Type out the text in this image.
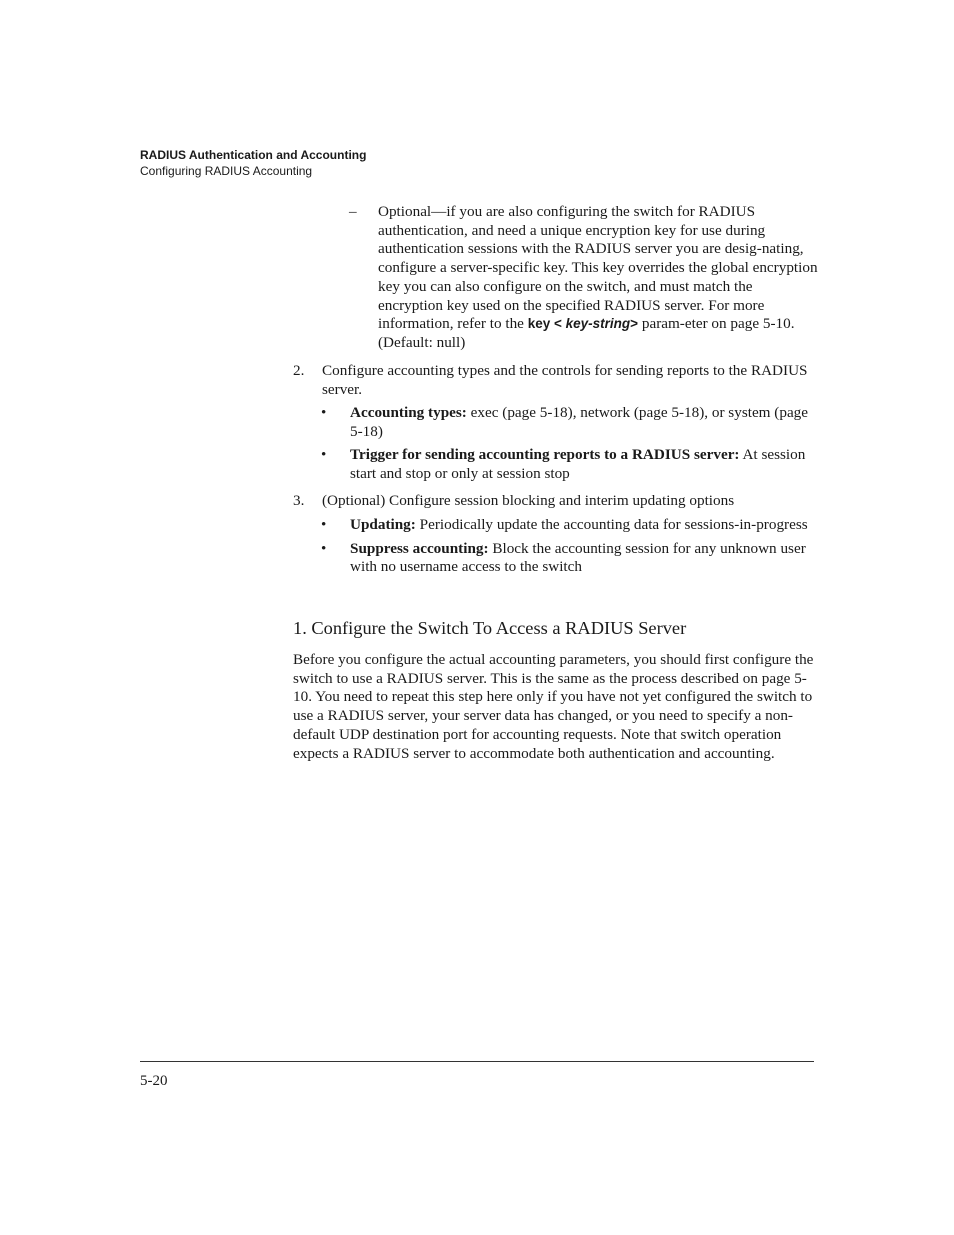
RADIUS Authentication and Accounting
Configuring RADIUS Accounting
– Optional—if you are also configuring the switch for RADIUS authentication, and need a unique encryption key for use during authentication sessions with the RADIUS server you are desig-nating, configure a server-specific key. This key overrides the global encryption key you can also configure on the switch, and must match the encryption key used on the specified RADIUS server. For more information, refer to the key < key-string> param-eter on page 5-10. (Default: null)
2. Configure accounting types and the controls for sending reports to the RADIUS server.
• Accounting types: exec (page 5-18), network (page 5-18), or system (page 5-18)
• Trigger for sending accounting reports to a RADIUS server: At session start and stop or only at session stop
3. (Optional) Configure session blocking and interim updating options
• Updating: Periodically update the accounting data for sessions-in-progress
• Suppress accounting: Block the accounting session for any unknown user with no username access to the switch
1. Configure the Switch To Access a RADIUS Server
Before you configure the actual accounting parameters, you should first configure the switch to use a RADIUS server. This is the same as the process described on page 5-10. You need to repeat this step here only if you have not yet configured the switch to use a RADIUS server, your server data has changed, or you need to specify a non-default UDP destination port for accounting requests. Note that switch operation expects a RADIUS server to accommodate both authentication and accounting.
5-20
